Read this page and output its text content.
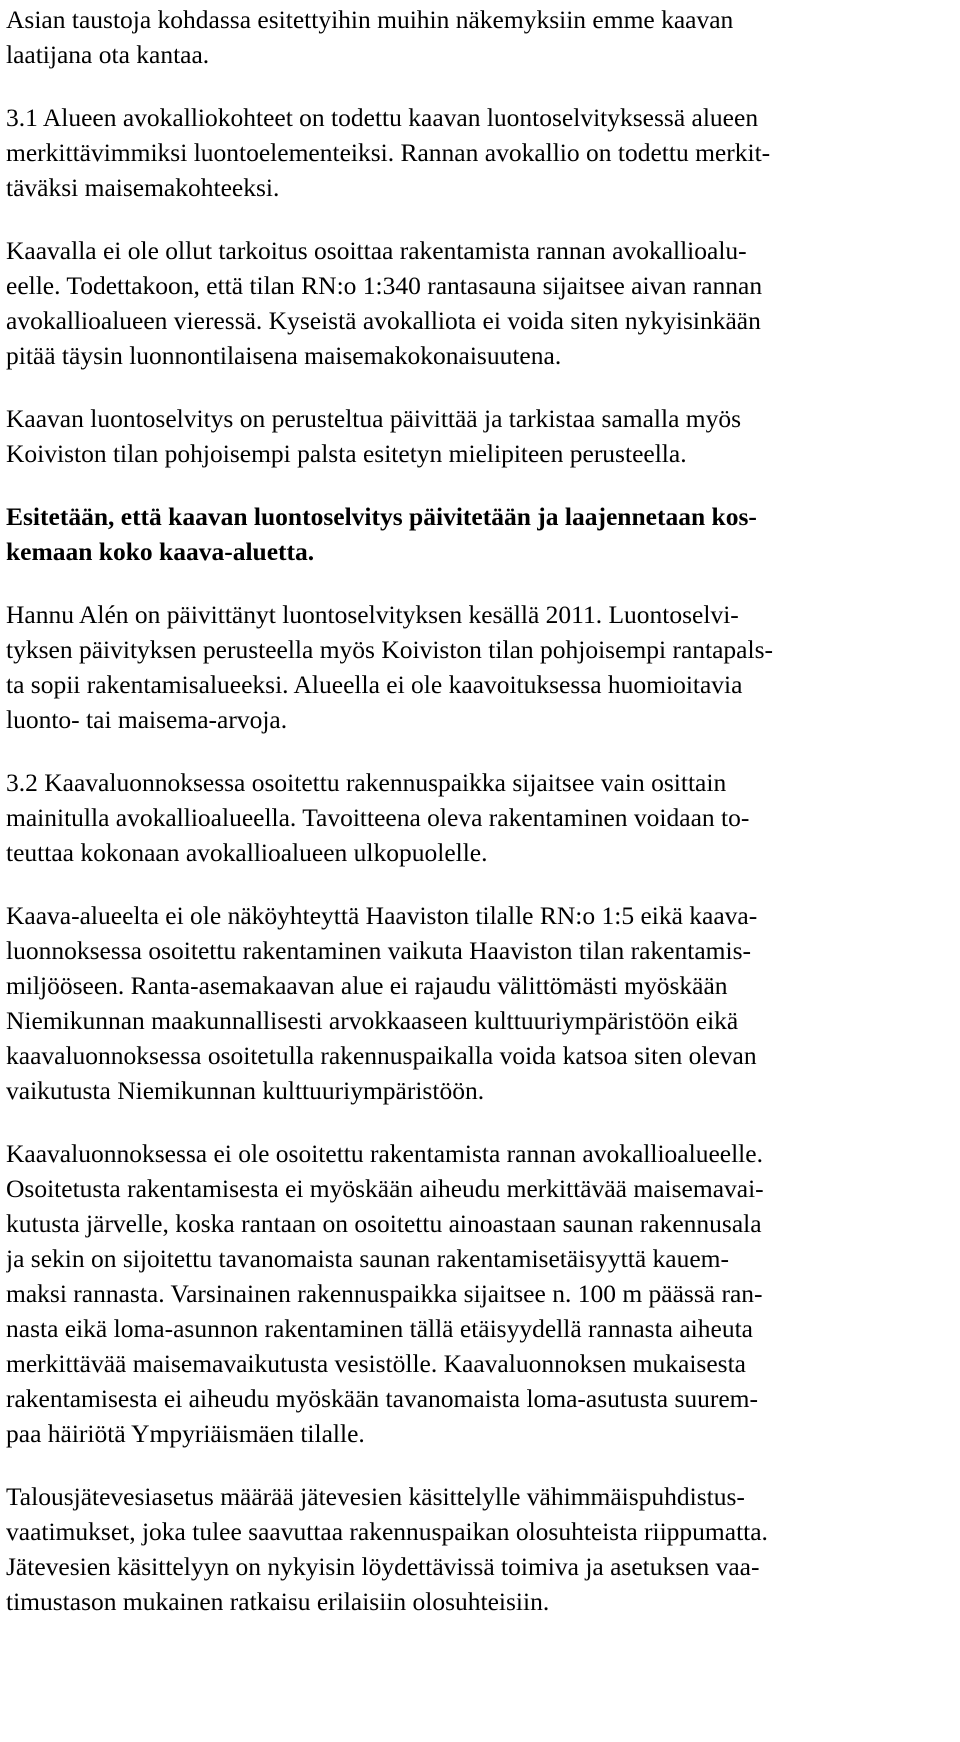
Asian taustoja kohdassa esitettyihin muihin näkemyksiin emme kaavan
laatijana ota kantaa.
3.1 Alueen avokalliokohteet on todettu kaavan luontoselvityksessä alueen
merkittävimmiksi luontoelementeiksi. Rannan avokallio on todettu merkit-
täväksi maisemakohteeksi.
Kaavalla ei ole ollut tarkoitus osoittaa rakentamista rannan avokallioalu-
eelle. Todettakoon, että tilan RN:o 1:340 rantasauna sijaitsee aivan rannan
avokallioalueen vieressä. Kyseistä avokalliota ei voida siten nykyisinkään
pitää täysin luonnontilaisena maisemakokonaisuutena.
Kaavan luontoselvitys on perusteltua päivittää ja tarkistaa samalla myös
Koiviston tilan pohjoisempi palsta esitetyn mielipiteen perusteella.
Esitetään, että kaavan luontoselvitys päivitetään ja laajennetaan kos-
kemaan koko kaava-aluetta.
Hannu Alén on päivittänyt luontoselvityksen kesällä 2011. Luontoselvi-
tyksen päivityksen perusteella myös Koiviston tilan pohjoisempi rantapals-
ta sopii rakentamisalueeksi. Alueella ei ole kaavoituksessa huomioitavia
luonto- tai maisema-arvoja.
3.2 Kaavaluonnoksessa osoitettu rakennuspaikka sijaitsee vain osittain
mainitulla avokallioalueella. Tavoitteena oleva rakentaminen voidaan to-
teuttaa kokonaan avokallioalueen ulkopuolelle.
Kaava-alueelta ei ole näköyhteyttä Haaviston tilalle RN:o 1:5 eikä kaava-
luonnoksessa osoitettu rakentaminen vaikuta Haaviston tilan rakentamis-
miljööseen. Ranta-asemakaavan alue ei rajaudu välittömästi myöskään
Niemikunnan maakunnallisesti arvokkaaseen kulttuuriympäristöön eikä
kaavaluonnoksessa osoitetulla rakennuspaikalla voida katsoa siten olevan
vaikutusta Niemikunnan kulttuuriympäristöön.
Kaavaluonnoksessa ei ole osoitettu rakentamista rannan avokallioalueelle.
Osoitetusta rakentamisesta ei myöskään aiheudu merkittävää maisemavai-
kutusta järvelle, koska rantaan on osoitettu ainoastaan saunan rakennusala
ja sekin on sijoitettu tavanomaista saunan rakentamisetäisyyttä kauem-
maksi rannasta. Varsinainen rakennuspaikka sijaitsee n. 100 m päässä ran-
nasta eikä loma-asunnon rakentaminen tällä etäisyydellä rannasta aiheuta
merkittävää maisemavaikutusta vesistölle. Kaavaluonnoksen mukaisesta
rakentamisesta ei aiheudu myöskään tavanomaista loma-asutusta suurem-
paa häiriötä Ympyriäismäen tilalle.
Talousjätevesiasetus määrää jätevesien käsittelylle vähimmäispuhdistus-
vaatimukset, joka tulee saavuttaa rakennuspaikan olosuhteista riippumatta.
Jätevesien käsittelyyn on nykyisin löydettävissä toimiva ja asetuksen vaa-
timustason mukainen ratkaisu erilaisiin olosuhteisiin.
